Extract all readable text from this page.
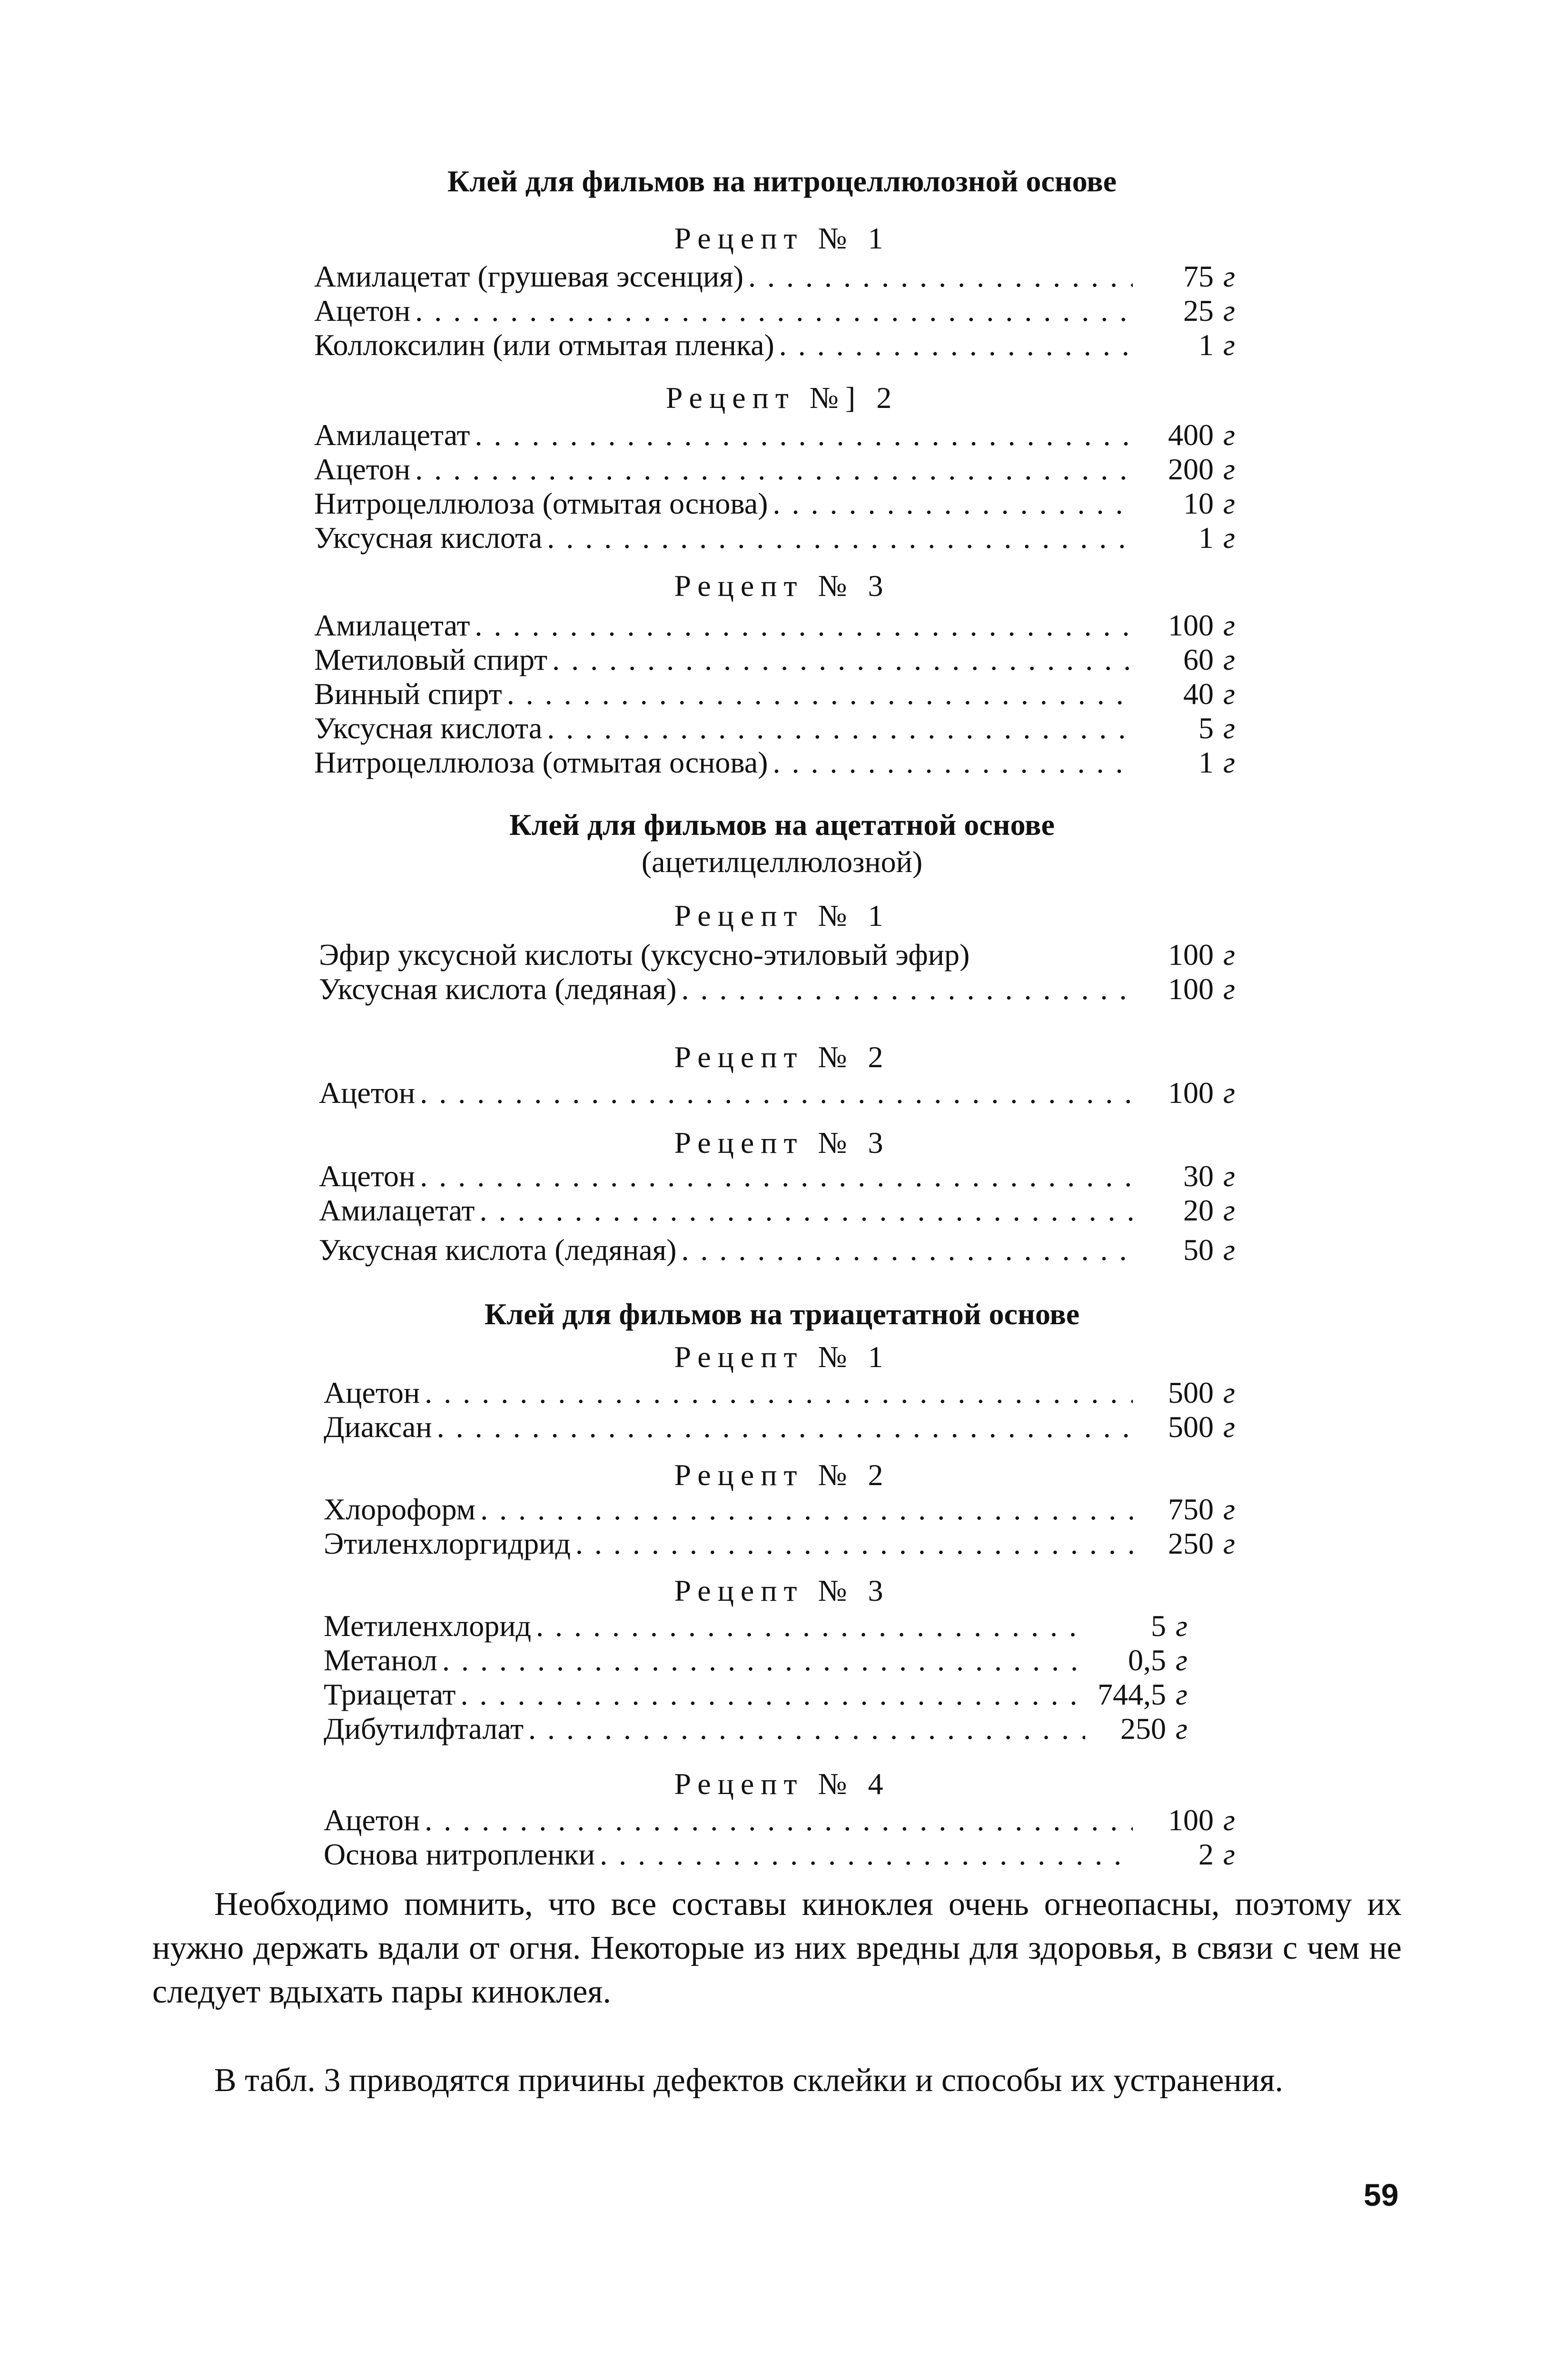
Клей для фильмов на нитроцеллюлозной основе
Рецепт № 1
Амилацетат (грушевая эссенция) . . .	75 г
Ацетон . . .	25 г
Коллоксилин (или отмытая пленка) . . .	1 г
Рецепт №] 2
Амилацетат . . .	400 г
Ацетон . . .	200 г
Нитроцеллюлоза (отмытая основа) . . .	10 г
Уксусная кислота . . .	1 г
Рецепт № 3
Амилацетат . . .	100 г
Метиловый спирт . . .	60 г
Винный спирт . . .	40 г
Уксусная кислота . . .	5 г
Нитроцеллюлоза (отмытая основа) . . .	1 г
Клей для фильмов на ацетатной основе
(ацетилцеллюлозной)
Рецепт № 1
Эфир уксусной кислоты (уксусно-этиловый эфир)	100 г
Уксусная кислота (ледяная) . . .	100 г
Рецепт № 2
Ацетон . . .	100 г
Рецепт № 3
Ацетон . . .	30 г
Амилацетат . . .	20 г
Уксусная кислота (ледяная) . . .	50 г
Клей для фильмов на триацетатной основе
Рецепт № 1
Ацетон . . .	500 г
Диаксан . . .	500 г
Рецепт № 2
Хлороформ . . .	750 г
Этиленхлоргидрид . . .	250 г
Рецепт № 3
Метиленхлорид . . .	5 г
Метанол . . .	0,5 г
Триацетат . . .	744,5 г
Дибутилфталат . . .	250 г
Рецепт № 4
Ацетон . . .	100 г
Основа нитропленки . . .	2 г

Необходимо помнить, что все составы киноклея очень огнеопасны, поэтому их нужно держать вдали от огня. Некоторые из них вредны для здоровья, в связи с чем не следует вдыхать пары киноклея.

В табл. 3 приводятся причины дефектов склейки и способы их устранения.

59
